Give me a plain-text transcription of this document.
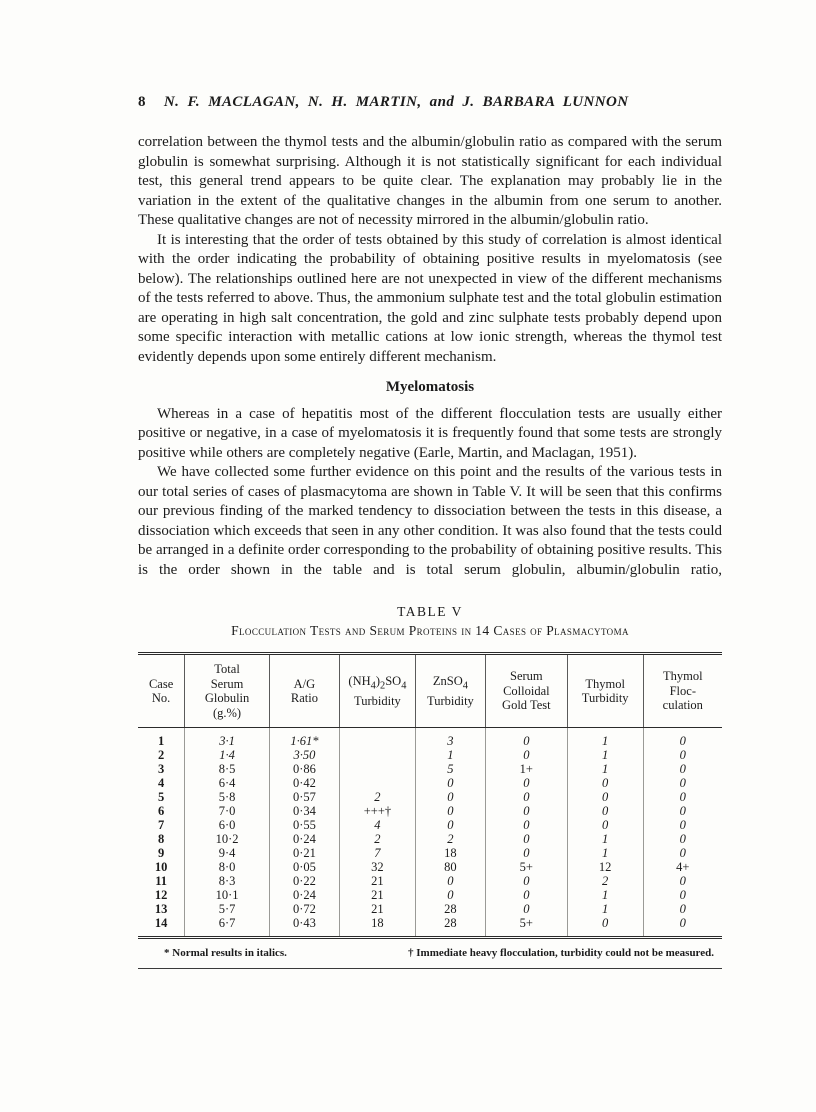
8 N. F. MACLAGAN, N. H. MARTIN, and J. BARBARA LUNNON

correlation between the thymol tests and the albumin/globulin ratio as compared with the serum globulin is somewhat surprising. Although it is not statistically significant for each individual test, this general trend appears to be quite clear. The explanation may probably lie in the variation in the extent of the qualitative changes in the albumin from one serum to another. These qualitative changes are not of necessity mirrored in the albumin/globulin ratio.

It is interesting that the order of tests obtained by this study of correlation is almost identical with the order indicating the probability of obtaining positive results in myelomatosis (see below). The relationships outlined here are not unexpected in view of the different mechanisms of the tests referred to above. Thus, the ammonium sulphate test and the total globulin estimation are operating in high salt concentration, the gold and zinc sulphate tests probably depend upon some specific interaction with metallic cations at low ionic strength, whereas the thymol test evidently depends upon some entirely different mechanism.

Myelomatosis

Whereas in a case of hepatitis most of the different flocculation tests are usually either positive or negative, in a case of myelomatosis it is frequently found that some tests are strongly positive while others are completely negative (Earle, Martin, and Maclagan, 1951).

We have collected some further evidence on this point and the results of the various tests in our total series of cases of plasmacytoma are shown in Table V. It will be seen that this confirms our previous finding of the marked tendency to dissociation between the tests in this disease, a dissociation which exceeds that seen in any other condition. It was also found that the tests could be arranged in a definite order corresponding to the probability of obtaining positive results. This is the order shown in the table and is total serum globulin, albumin/globulin ratio,

TABLE V
Flocculation Tests and Serum Proteins in 14 Cases of Plasmacytoma
Case
No.	Total
Serum
Globulin
(g.%)	A/G
Ratio	$(NH_4)_2SO_4$
Turbidity	ZnSO$_4$
Turbidity	Serum
Colloidal
Gold Test	Thymol
Turbidity	Thymol
Floc-
culation
1	3·1	1·61*		3	0	1	0
2	1·4	3·50		1	0	1	0
3	8·5	0·86		5	1+	1	0
4	6·4	0·42		0	0	0	0
5	5·8	0·57	2	0	0	0	0
6	7·0	0·34	+++†	0	0	0	0
7	6·0	0·55	4	0	0	0	0
8	10·2	0·24	2	2	0	1	0
9	9·4	0·21	7	18	0	1	0
10	8·0	0·05	32	80	5+	12	4+
11	8·3	0·22	21	0	0	2	0
12	10·1	0·24	21	0	0	1	0
13	5·7	0·72	21	28	0	1	0
14	6·7	0·43	18	28	5+	0	0
* Normal results in italics.	† Immediate heavy flocculation, turbidity could not be measured.
